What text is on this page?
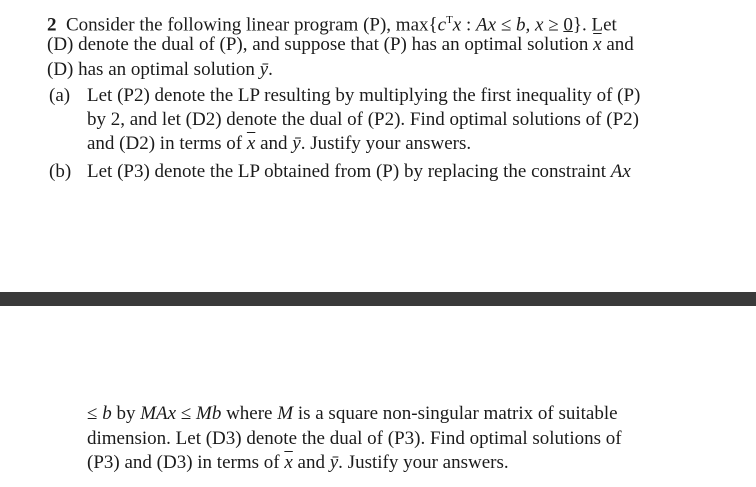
2 Consider the following linear program (P), $\max\{c^Tx$ : Ax ≤ b, x ≥ 0}. Let
(D) denote the dual of (P), and suppose that (P) has an optimal solution $\overline{x}$ and
(D) has an optimal solution ȳ.
(a) Let (P2) denote the LP resulting by multiplying the first inequality of (P)
by 2, and let (D2) denote the dual of (P2). Find optimal solutions of (P2)
and (D2) in terms of $\overline{x}$ and ȳ. Justify your answers.
(b) Let (P3) denote the LP obtained from (P) by replacing the constraint Ax
≤ b by MAx ≤ Mb where M is a square non-singular matrix of suitable
dimension. Let (D3) denote the dual of (P3). Find optimal solutions of
(P3) and (D3) in terms of $\overline{x}$ and ȳ. Justify your answers.
